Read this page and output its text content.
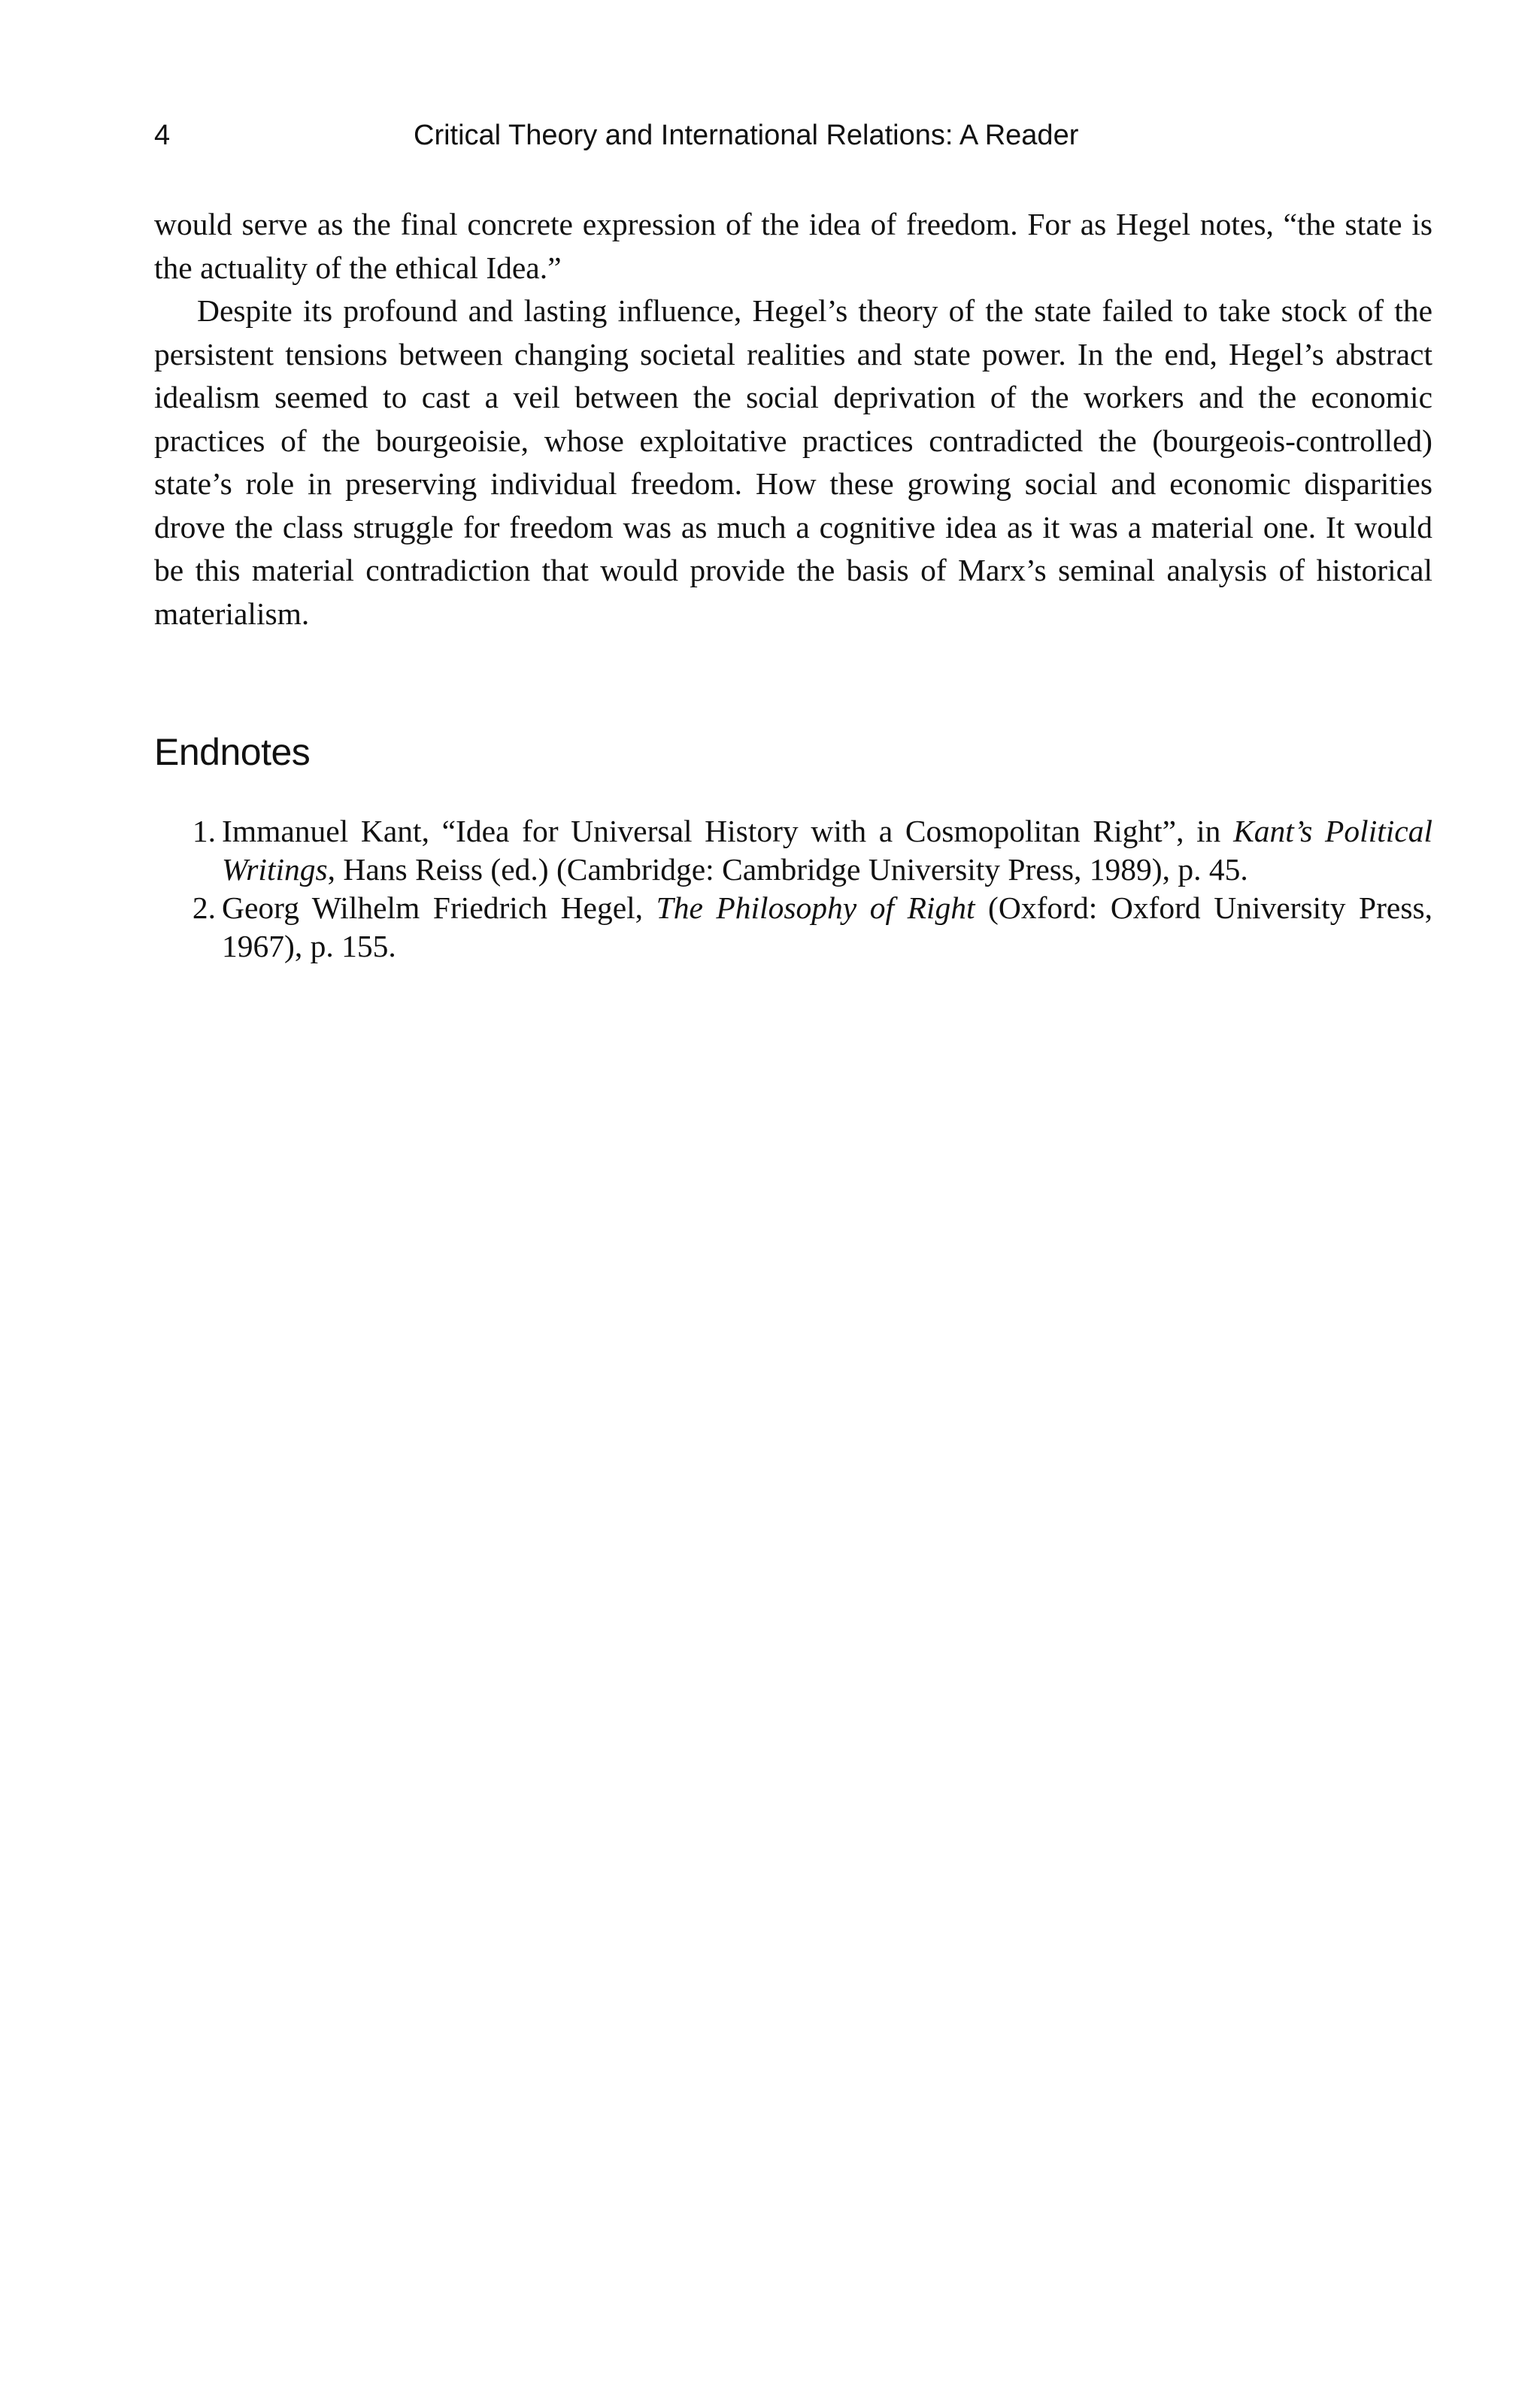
4	Critical Theory and International Relations: A Reader

would serve as the final concrete expression of the idea of freedom. For as Hegel notes, “the state is the actuality of the ethical Idea.”

Despite its profound and lasting influence, Hegel’s theory of the state failed to take stock of the persistent tensions between changing societal realities and state power. In the end, Hegel’s abstract idealism seemed to cast a veil between the social deprivation of the workers and the economic practices of the bourgeoisie, whose exploitative practices contradicted the (bourgeois-controlled) state’s role in preserving individual freedom. How these growing social and economic disparities drove the class struggle for freedom was as much a cognitive idea as it was a material one. It would be this material contradiction that would provide the basis of Marx’s seminal analysis of historical materialism.

Endnotes
1. Immanuel Kant, “Idea for Universal History with a Cosmopolitan Right”, in Kant’s Political Writings, Hans Reiss (ed.) (Cambridge: Cambridge University Press, 1989), p. 45.
2. Georg Wilhelm Friedrich Hegel, The Philosophy of Right (Oxford: Oxford University Press, 1967), p. 155.
